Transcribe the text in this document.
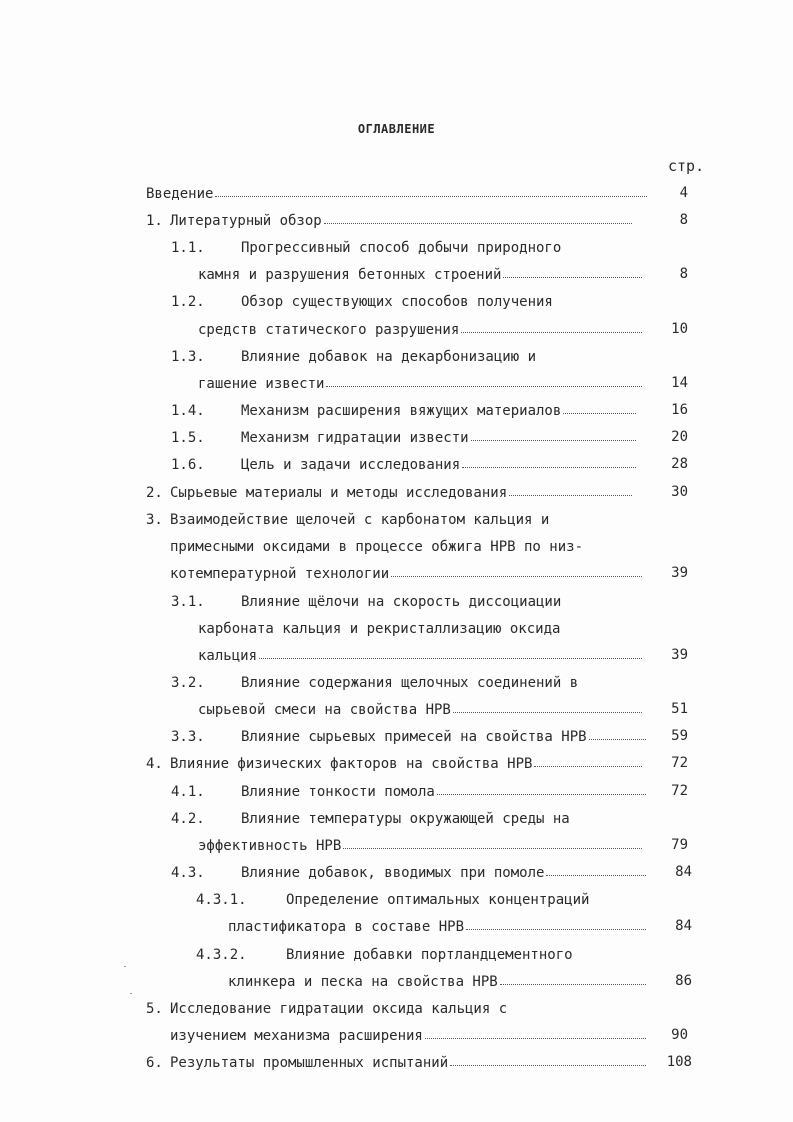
ОГЛАВЛЕНИЕ
стр.
Введение	4
1. Литературный обзор	8
1.1.	Прогрессивный способ добычи природного
камня и разрушения бетонных строений	8
1.2.	Обзор существующих способов получения
средств статического разрушения	10
1.3.	Влияние добавок на декарбонизацию и
гашение извести	14
1.4.	Механизм расширения вяжущих материалов	16
1.5.	Механизм гидратации извести	20
1.6.	Цель и задачи исследования	28
2. Сырьевые материалы и методы исследования	30
3. Взаимодействие щелочей с карбонатом кальция и
примесными оксидами в процессе обжига НРВ по низ-
котемпературной технологии	39
3.1.	Влияние щёлочи на скорость диссоциации
карбоната кальция и рекристаллизацию оксида
кальция	39
3.2.	Влияние содержания щелочных соединений в
сырьевой смеси на свойства НРВ	51
3.3.	Влияние сырьевых примесей на свойства НРВ	59
4. Влияние физических факторов на свойства НРВ	72
4.1.	Влияние тонкости помола	72
4.2.	Влияние температуры окружающей среды на
эффективность НРВ	79
4.3.	Влияние добавок, вводимых при помоле	84
4.3.1.	Определение оптимальных концентраций
пластификатора в составе НРВ	84
4.3.2.	Влияние добавки портландцементного
клинкера и песка на свойства НРВ	86
5. Исследование гидратации оксида кальция с
изучением механизма расширения	90
6. Результаты промышленных испытаний	108
